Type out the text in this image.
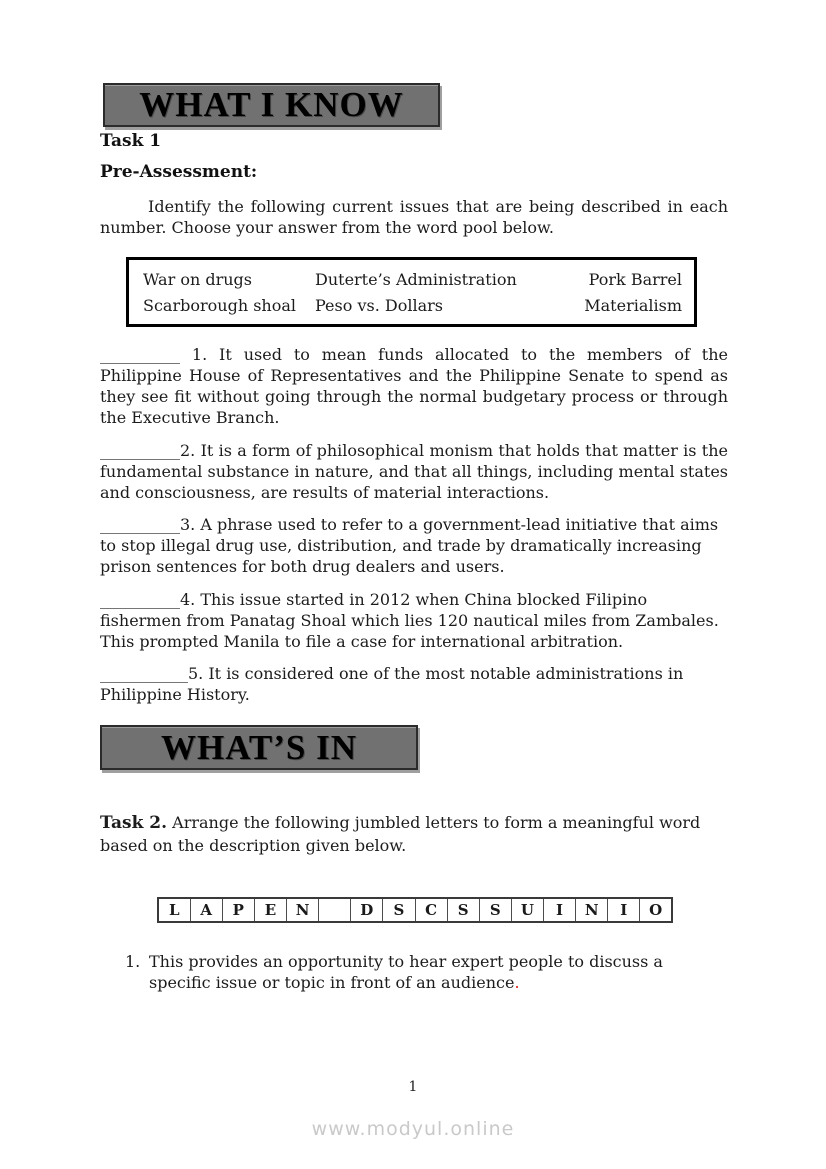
WHAT I KNOW
Task 1
Pre-Assessment:

Identify the following current issues that are being described in each number. Choose your answer from the word pool below.

War on drugs	Duterte’s Administration	Pork Barrel
Scarborough shoal	Peso vs. Dollars	Materialism

__________ 1. It used to mean funds allocated to the members of the Philippine House of Representatives and the Philippine Senate to spend as they see fit without going through the normal budgetary process or through the Executive Branch.

__________2. It is a form of philosophical monism that holds that matter is the fundamental substance in nature, and that all things, including mental states and consciousness, are results of material interactions.

__________3. A phrase used to refer to a government-lead initiative that aims to stop illegal drug use, distribution, and trade by dramatically increasing prison sentences for both drug dealers and users.

__________4. This issue started in 2012 when China blocked Filipino fishermen from Panatag Shoal which lies 120 nautical miles from Zambales. This prompted Manila to file a case for international arbitration.

___________5. It is considered one of the most notable administrations in Philippine History.

WHAT’S IN

Task 2. Arrange the following jumbled letters to form a meaningful word based on the description given below.

L	A	P	E	N		D	S	C	S	S	U	I	N	I	O
1. This provides an opportunity to hear expert people to discuss a specific issue or topic in front of an audience.
1
www.modyul.online
